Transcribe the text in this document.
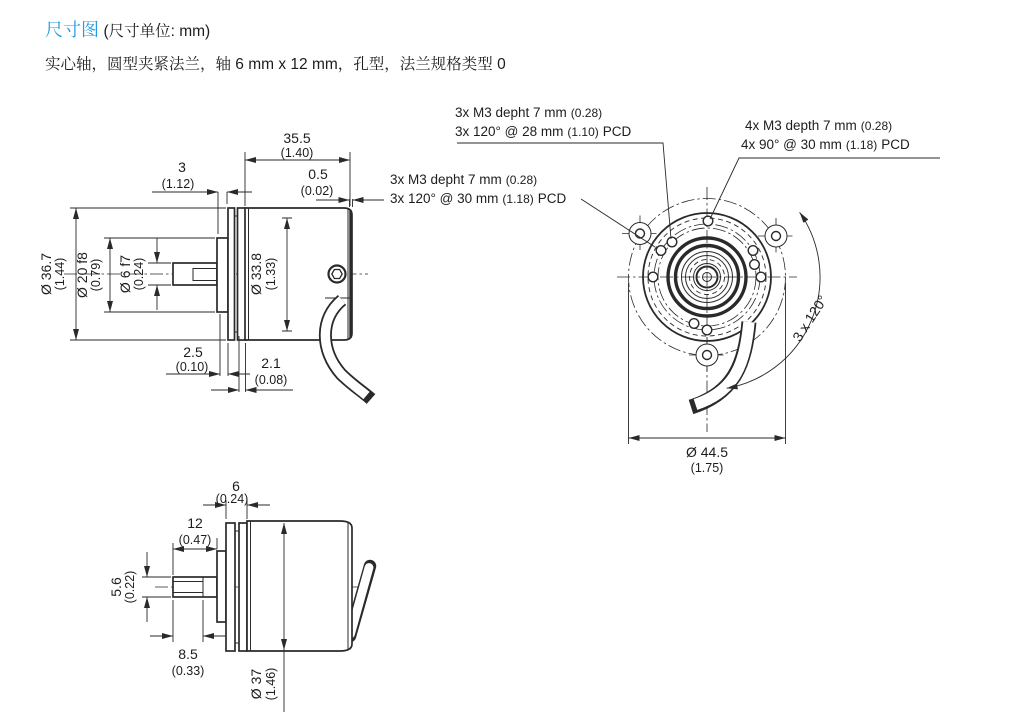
尺寸图 (尺寸单位: mm)
实心轴，圆型夹紧法兰，轴 6 mm x 12 mm，孔型，法兰规格类型 0
35.5
(1.40)
3
(1.12)
0.5
(0.02)
Ø 36.7 (1.44) Ø 20 f8 (0.79) Ø 6 f7 (0.24)	Ø 33.8 (1.33)
2.5
(0.10)	2.1
(0.08)
3x M3 depht 7 mm (0.28)
3x 120° @ 28 mm (1.10) PCD
3x M3 depht 7 mm (0.28)
3x 120° @ 30 mm (1.18) PCD
4x M3 depth 7 mm (0.28)
4x 90° @ 30 mm (1.18) PCD
3 x 120°
Ø 44.5
(1.75)
6
(0.24)
12
(0.47)
5.6 (0.22)
8.5
(0.33)	Ø 37 (1.46)
